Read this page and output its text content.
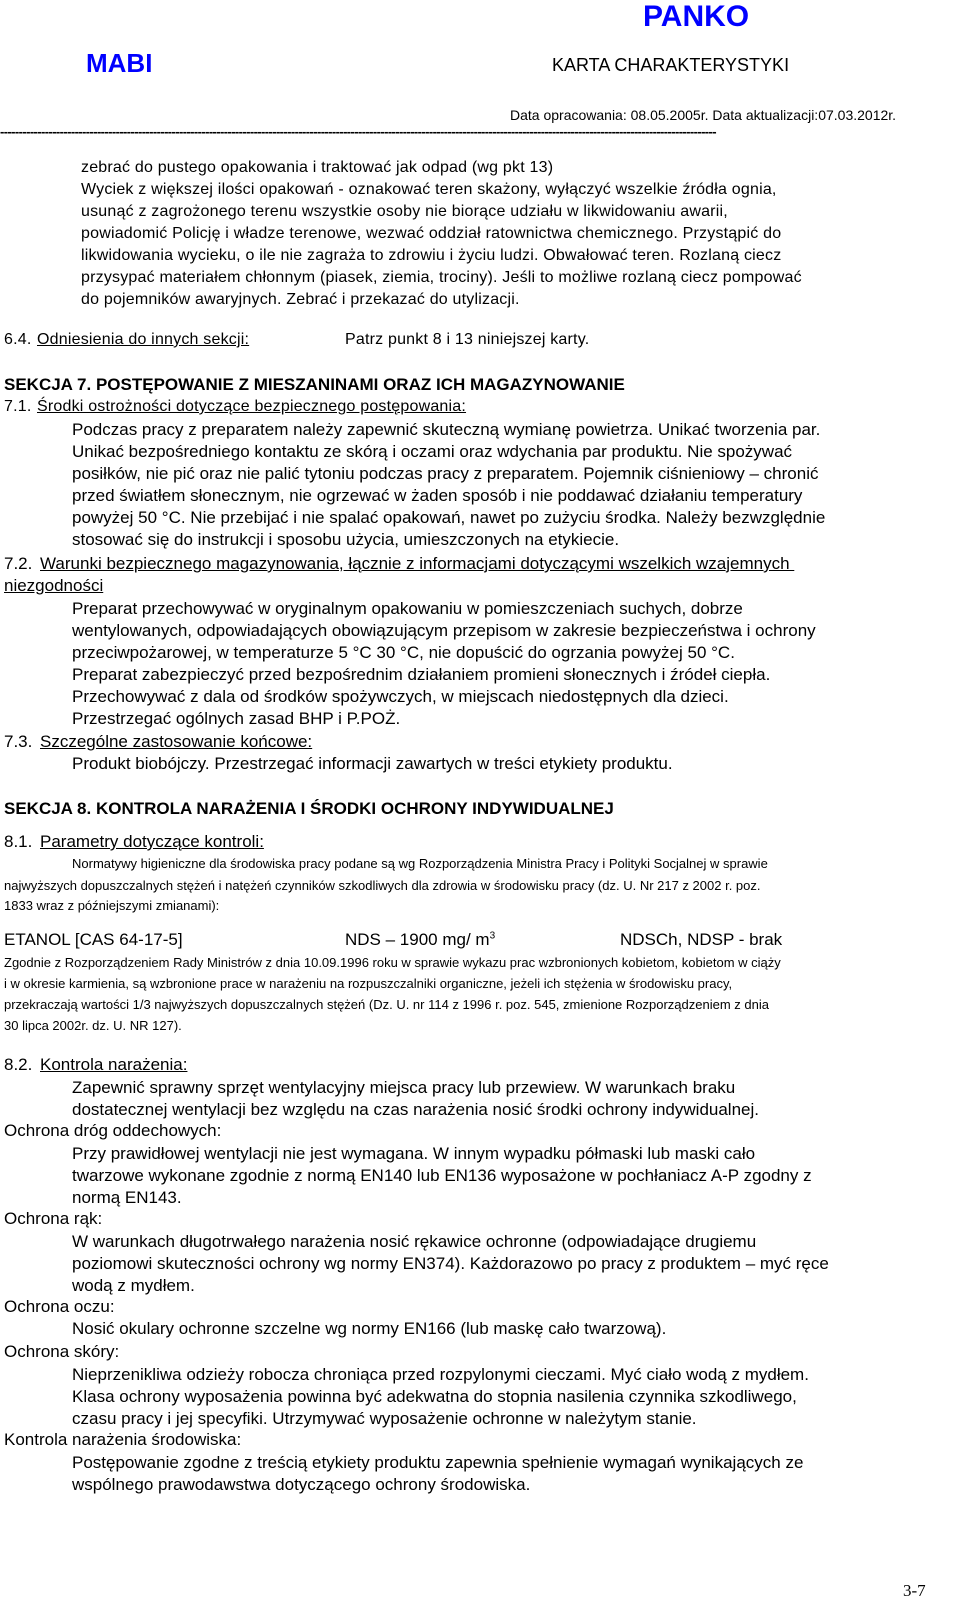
PANKO
MABI	KARTA CHARAKTERYSTYKI
Data opracowania: 08.05.2005r. Data aktualizacji:07.03.2012r.
------------------------------------------------------------------------------------------------------------------------------------------------------------------------------------------------
zebrać do pustego opakowania i traktować jak odpad (wg pkt 13)
Wyciek z większej ilości opakowań - oznakować teren skażony, wyłączyć wszelkie źródła ognia,
usunąć z zagrożonego terenu wszystkie osoby nie biorące udziału w likwidowaniu awarii,
powiadomić Policję i władze terenowe, wezwać oddział ratownictwa chemicznego. Przystąpić do
likwidowania wycieku, o ile nie zagraża to zdrowiu i życiu ludzi. Obwałować teren. Rozlaną ciecz
przysypać materiałem chłonnym (piasek, ziemia, trociny). Jeśli to możliwe rozlaną ciecz pompować
do pojemników awaryjnych. Zebrać i przekazać do utylizacji.
6.4. Odniesienia do innych sekcji:	Patrz punkt 8 i 13 niniejszej karty.
SEKCJA 7. POSTĘPOWANIE Z MIESZANINAMI ORAZ ICH MAGAZYNOWANIE
7.1. Środki ostrożności dotyczące bezpiecznego postępowania:
Podczas pracy z preparatem należy zapewnić skuteczną wymianę powietrza. Unikać tworzenia par.
Unikać bezpośredniego kontaktu ze skórą i oczami oraz wdychania par produktu. Nie spożywać
posiłków, nie pić oraz nie palić tytoniu podczas pracy z preparatem. Pojemnik ciśnieniowy – chronić
przed światłem słonecznym, nie ogrzewać w żaden sposób i nie poddawać działaniu temperatury
powyżej 50 °C. Nie przebijać i nie spalać opakowań, nawet po zużyciu środka. Należy bezwzględnie
stosować się do instrukcji i sposobu użycia, umieszczonych na etykiecie.
7.2. Warunki bezpiecznego magazynowania, łącznie z informacjami dotyczącymi wszelkich wzajemnych
niezgodności
Preparat przechowywać w oryginalnym opakowaniu w pomieszczeniach suchych, dobrze
wentylowanych, odpowiadających obowiązującym przepisom w zakresie bezpieczeństwa i ochrony
przeciwpożarowej, w temperaturze 5 °C 30 °C, nie dopuścić do ogrzania powyżej 50 °C.
Preparat zabezpieczyć przed bezpośrednim działaniem promieni słonecznych i źródeł ciepła.
Przechowywać z dala od środków spożywczych, w miejscach niedostępnych dla dzieci.
Przestrzegać ogólnych zasad BHP i P.POŻ.
7.3. Szczególne zastosowanie końcowe:
Produkt biobójczy. Przestrzegać informacji zawartych w treści etykiety produktu.
SEKCJA 8. KONTROLA NARAŻENIA I ŚRODKI OCHRONY INDYWIDUALNEJ
8.1. Parametry dotyczące kontroli:
Normatywy higieniczne dla środowiska pracy podane są wg Rozporządzenia Ministra Pracy i Polityki Socjalnej w sprawie
najwyższych dopuszczalnych stężeń i natężeń czynników szkodliwych dla zdrowia w środowisku pracy (dz. U. Nr 217 z 2002 r. poz.
1833 wraz z późniejszymi zmianami):
ETANOL [CAS 64-17-5]	NDS – 1900 mg/ $m^3$	NDSCh, NDSP - brak
Zgodnie z Rozporządzeniem Rady Ministrów z dnia 10.09.1996 roku w sprawie wykazu prac wzbronionych kobietom, kobietom w ciąży
i w okresie karmienia, są wzbronione prace w narażeniu na rozpuszczalniki organiczne, jeżeli ich stężenia w środowisku pracy,
przekraczają wartości 1/3 najwyższych dopuszczalnych stężeń (Dz. U. nr 114 z 1996 r. poz. 545, zmienione Rozporządzeniem z dnia
30 lipca 2002r. dz. U. NR 127).
8.2. Kontrola narażenia:
Zapewnić sprawny sprzęt wentylacyjny miejsca pracy lub przewiew. W warunkach braku
dostatecznej wentylacji bez względu na czas narażenia nosić środki ochrony indywidualnej.
Ochrona dróg oddechowych:
Przy prawidłowej wentylacji nie jest wymagana. W innym wypadku półmaski lub maski cało
twarzowe wykonane zgodnie z normą EN140 lub EN136 wyposażone w pochłaniacz A-P zgodny z
normą EN143.
Ochrona rąk:
W warunkach długotrwałego narażenia nosić rękawice ochronne (odpowiadające drugiemu
poziomowi skuteczności ochrony wg normy EN374). Każdorazowo po pracy z produktem – myć ręce
wodą z mydłem.
Ochrona oczu:
Nosić okulary ochronne szczelne wg normy EN166 (lub maskę cało twarzową).
Ochrona skóry:
Nieprzenikliwa odzieży robocza chroniąca przed rozpylonymi cieczami. Myć ciało wodą z mydłem.
Klasa ochrony wyposażenia powinna być adekwatna do stopnia nasilenia czynnika szkodliwego,
czasu pracy i jej specyfiki. Utrzymywać wyposażenie ochronne w należytym stanie.
Kontrola narażenia środowiska:
Postępowanie zgodne z treścią etykiety produktu zapewnia spełnienie wymagań wynikających ze
wspólnego prawodawstwa dotyczącego ochrony środowiska.
3-7
